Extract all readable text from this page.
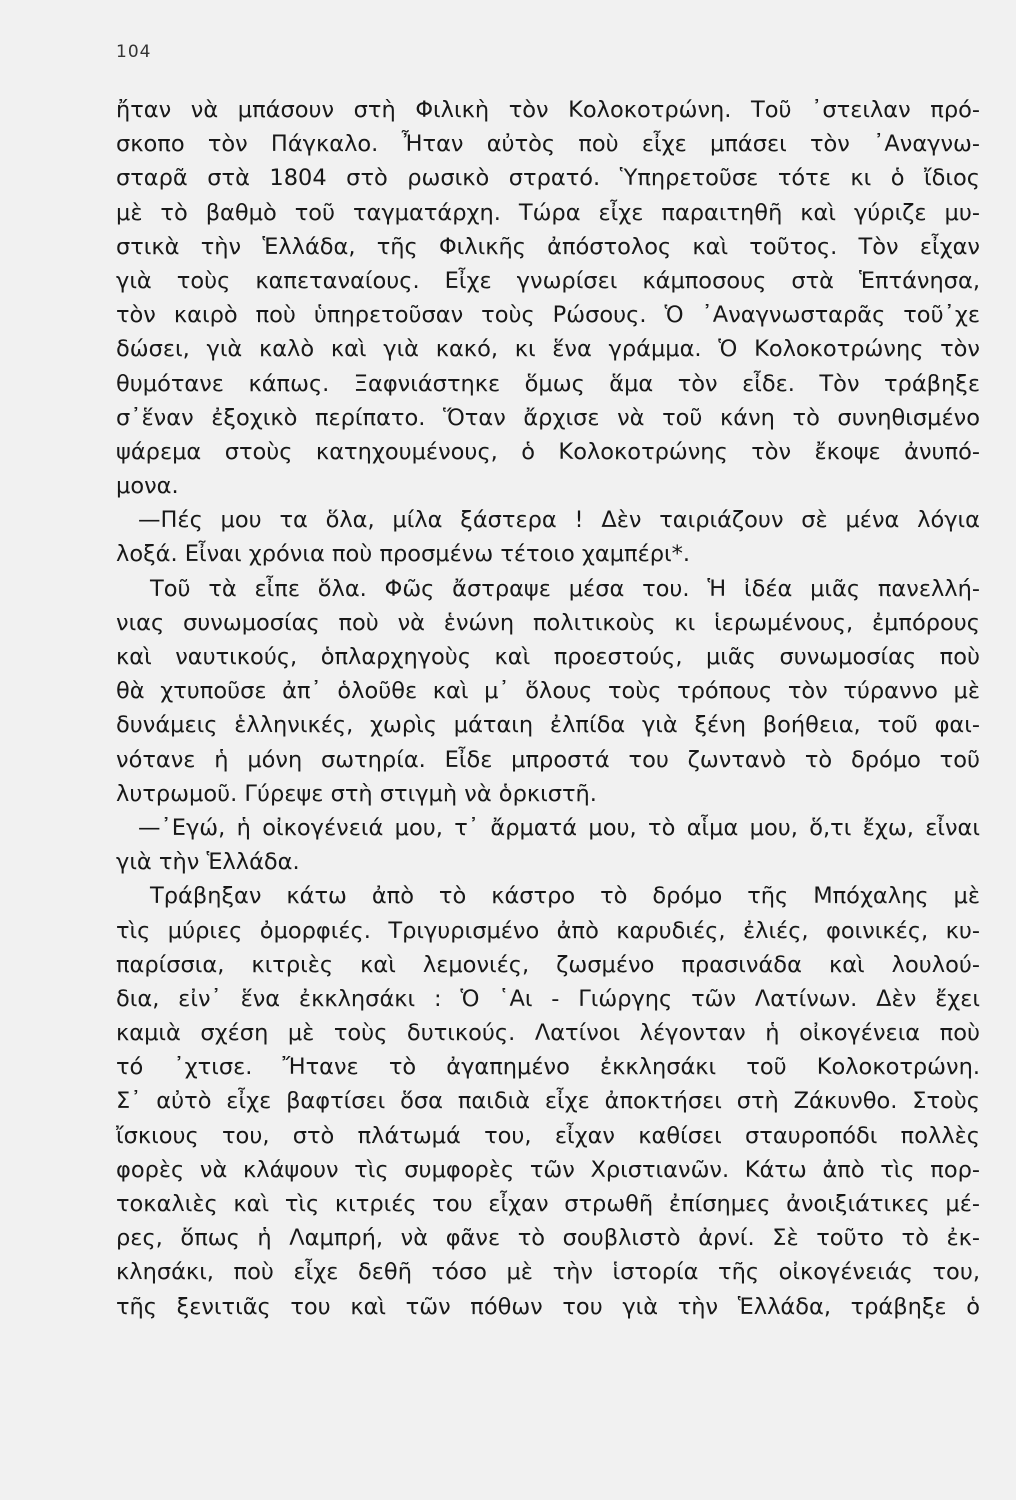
104
ἤταν νὰ μπάσουν στὴ Φιλικὴ τὸν Κολοκοτρώνη. Τοῦ ᾽στειλαν πρό-
σκοπο τὸν Πάγκαλο. Ἦταν αὐτὸς ποὺ εἶχε μπάσει τὸν ᾽Αναγνω-
σταρᾶ στὰ 1804 στὸ ρωσικὸ στρατό. Ὑπηρετοῦσε τότε κι ὁ ἴδιος
μὲ τὸ βαθμὸ τοῦ ταγματάρχη. Τώρα εἶχε παραιτηθῆ καὶ γύριζε μυ-
στικὰ τὴν Ἑλλάδα, τῆς Φιλικῆς ἀπόστολος καὶ τοῦτος. Τὸν εἶχαν
γιὰ τοὺς καπεταναίους. Εἶχε γνωρίσει κάμποσους στὰ Ἑπτάνησα,
τὸν καιρὸ ποὺ ὑπηρετοῦσαν τοὺς Ρώσους. Ὁ ᾽Αναγνωσταρᾶς τοῦ᾽χε
δώσει, γιὰ καλὸ καὶ γιὰ κακό, κι ἕνα γράμμα. Ὁ Κολοκοτρώνης τὸν
θυμότανε κάπως. Ξαφνιάστηκε ὅμως ἅμα τὸν εἶδε. Τὸν τράβηξε
σ᾽ἕναν ἐξοχικὸ περίπατο. Ὅταν ἄρχισε νὰ τοῦ κάνη τὸ συνηθισμένο
ψάρεμα στοὺς κατηχουμένους, ὁ Κολοκοτρώνης τὸν ἔκοψε ἀνυπό-
μονα.
—Πές μου τα ὅλα, μίλα ξάστερα ! Δὲν ταιριάζουν σὲ μένα λόγια
λοξά. Εἶναι χρόνια ποὺ προσμένω τέτοιο χαμπέρι*.
Τοῦ τὰ εἶπε ὅλα. Φῶς ἄστραψε μέσα του. Ἡ ἰδέα μιᾶς πανελλή-
νιας συνωμοσίας ποὺ νὰ ἑνώνη πολιτικοὺς κι ἱερωμένους, ἐμπόρους
καὶ ναυτικούς, ὁπλαρχηγοὺς καὶ προεστούς, μιᾶς συνωμοσίας ποὺ
θὰ χτυποῦσε ἀπ᾽ ὁλοῦθε καὶ μ᾽ ὅλους τοὺς τρόπους τὸν τύραννο μὲ
δυνάμεις ἑλληνικές, χωρὶς μάταιη ἐλπίδα γιὰ ξένη βοήθεια, τοῦ φαι-
νότανε ἡ μόνη σωτηρία. Εἶδε μπροστά του ζωντανὸ τὸ δρόμο τοῦ
λυτρωμοῦ. Γύρεψε στὴ στιγμὴ νὰ ὁρκιστῆ.
—᾽Εγώ, ἡ οἰκογένειά μου, τ᾽ ἄρματά μου, τὸ αἷμα μου, ὅ,τι ἔχω, εἶναι
γιὰ τὴν Ἑλλάδα.
Τράβηξαν κάτω ἀπὸ τὸ κάστρο τὸ δρόμο τῆς Μπόχαλης μὲ
τὶς μύριες ὀμορφιές. Τριγυρισμένο ἀπὸ καρυδιές, ἐλιές, φοινικές, κυ-
παρίσσια, κιτριὲς καὶ λεμονιές, ζωσμένο πρασινάδα καὶ λουλού-
δια, εἰν᾽ ἕνα ἐκκλησάκι : Ὁ ῾Αι - Γιώργης τῶν Λατίνων. Δὲν ἔχει
καμιὰ σχέση μὲ τοὺς δυτικούς. Λατίνοι λέγονταν ἡ οἰκογένεια ποὺ
τό ᾽χτισε. Ἤτανε τὸ ἀγαπημένο ἐκκλησάκι τοῦ Κολοκοτρώνη.
Σ᾽ αὐτὸ εἶχε βαφτίσει ὅσα παιδιὰ εἶχε ἀποκτήσει στὴ Ζάκυνθο. Στοὺς
ἴσκιους του, στὸ πλάτωμά του, εἶχαν καθίσει σταυροπόδι πολλὲς
φορὲς νὰ κλάψουν τὶς συμφορὲς τῶν Χριστιανῶν. Κάτω ἀπὸ τὶς πορ-
τοκαλιὲς καὶ τὶς κιτριές του εἶχαν στρωθῆ ἐπίσημες ἀνοιξιάτικες μέ-
ρες, ὅπως ἡ Λαμπρή, νὰ φᾶνε τὸ σουβλιστὸ ἀρνί. Σὲ τοῦτο τὸ ἐκ-
κλησάκι, ποὺ εἶχε δεθῆ τόσο μὲ τὴν ἱστορία τῆς οἰκογένειάς του,
τῆς ξενιτιᾶς του καὶ τῶν πόθων του γιὰ τὴν Ἑλλάδα, τράβηξε ὁ
